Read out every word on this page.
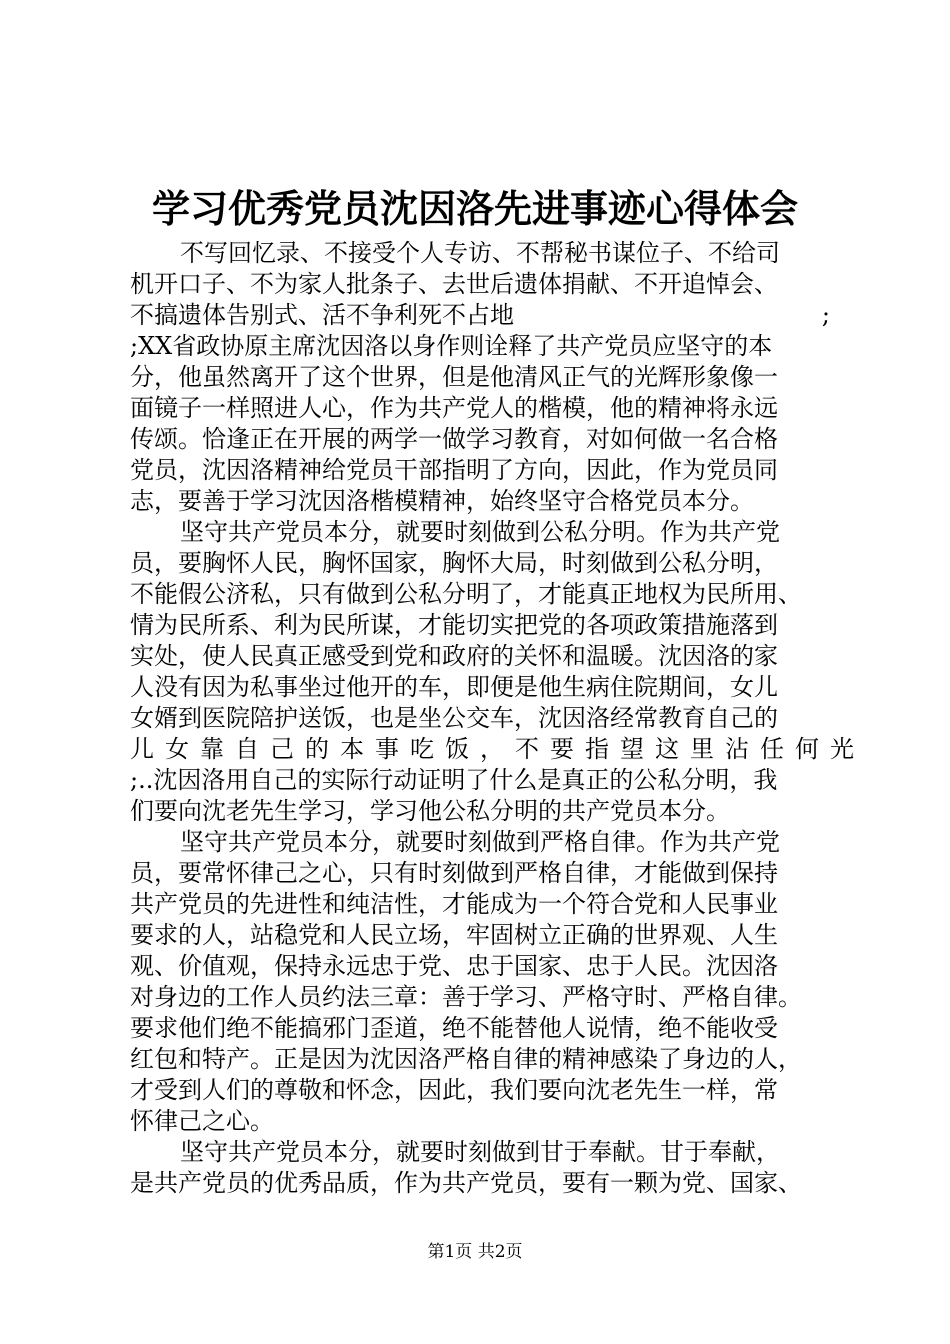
学习优秀党员沈因洛先进事迹心得体会
不写回忆录、不接受个人专访、不帮秘书谋位子、不给司
机开口子、不为家人批条子、去世后遗体捐献、不开追悼会、
不搞遗体告别式、活不争利死不占地	;
;XX省政协原主席沈因洛以身作则诠释了共产党员应坚守的本
分，他虽然离开了这个世界，但是他清风正气的光辉形象像一
面镜子一样照进人心，作为共产党人的楷模，他的精神将永远
传颂。恰逢正在开展的两学一做学习教育，对如何做一名合格
党员，沈因洛精神给党员干部指明了方向，因此，作为党员同
志，要善于学习沈因洛楷模精神，始终坚守合格党员本分。
坚守共产党员本分，就要时刻做到公私分明。作为共产党
员，要胸怀人民，胸怀国家，胸怀大局，时刻做到公私分明，
不能假公济私，只有做到公私分明了，才能真正地权为民所用、
情为民所系、利为民所谋，才能切实把党的各项政策措施落到
实处，使人民真正感受到党和政府的关怀和温暖。沈因洛的家
人没有因为私事坐过他开的车，即便是他生病住院期间，女儿
女婿到医院陪护送饭，也是坐公交车，沈因洛经常教育自己的
儿女靠自己的本事吃饭，不要指望这里沾任何光
;..沈因洛用自己的实际行动证明了什么是真正的公私分明，我
们要向沈老先生学习，学习他公私分明的共产党员本分。
坚守共产党员本分，就要时刻做到严格自律。作为共产党
员，要常怀律己之心，只有时刻做到严格自律，才能做到保持
共产党员的先进性和纯洁性，才能成为一个符合党和人民事业
要求的人，站稳党和人民立场，牢固树立正确的世界观、人生
观、价值观，保持永远忠于党、忠于国家、忠于人民。沈因洛
对身边的工作人员约法三章：善于学习、严格守时、严格自律。
要求他们绝不能搞邪门歪道，绝不能替他人说情，绝不能收受
红包和特产。正是因为沈因洛严格自律的精神感染了身边的人，
才受到人们的尊敬和怀念，因此，我们要向沈老先生一样，常
怀律己之心。
坚守共产党员本分，就要时刻做到甘于奉献。甘于奉献，
是共产党员的优秀品质，作为共产党员，要有一颗为党、国家、
第1页 共2页
